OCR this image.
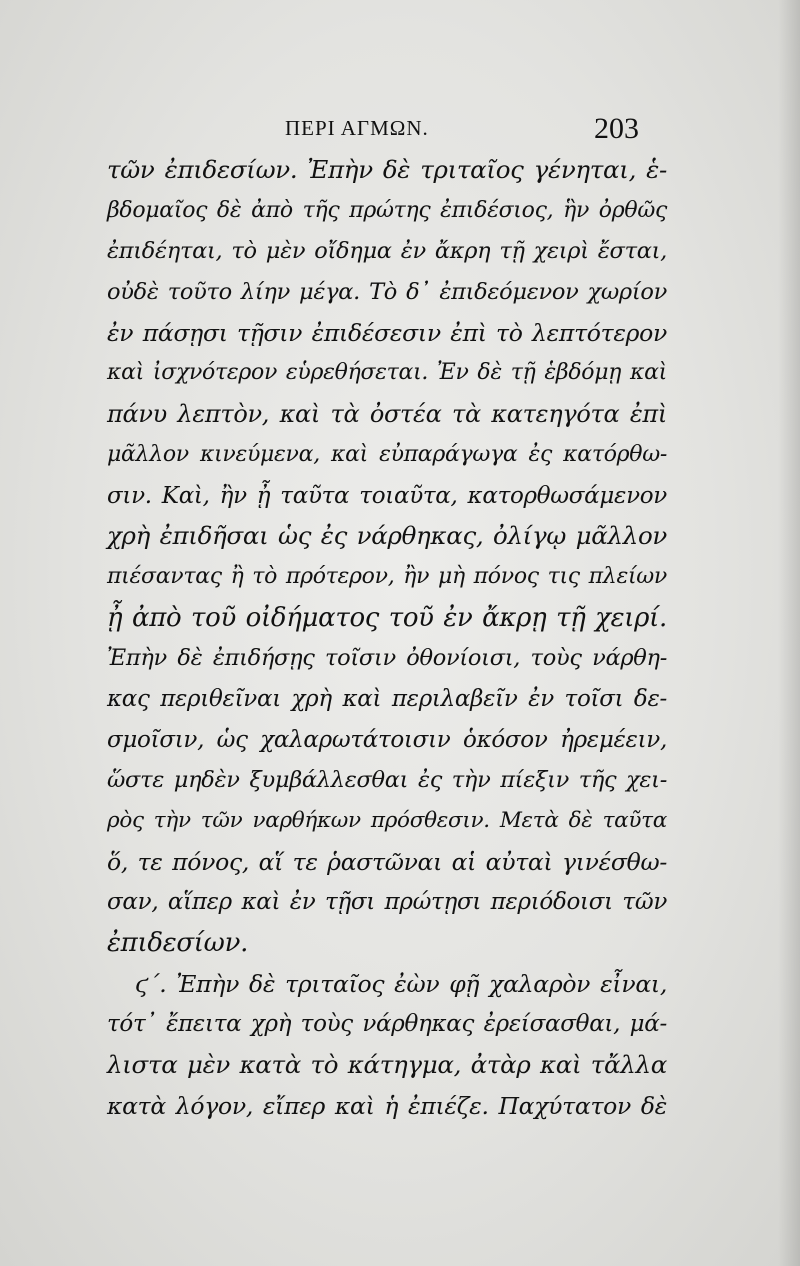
ΠΕΡΙ ΑΓΜΩΝ.	203
τῶν ἐπιδεσίων. Ἐπὴν δὲ τριταῖος γένηται, ἑ-
βδομαῖος δὲ ἀπὸ τῆς πρώτης ἐπιδέσιος, ἣν ὀρθῶς
ἐπιδέηται, τὸ μὲν οἴδημα ἐν ἄκρη τῇ χειρὶ ἔσται,
οὐδὲ τοῦτο λίην μέγα. Τὸ δ᾽ ἐπιδεόμενον χωρίον
ἐν πάσῃσι τῇσιν ἐπιδέσεσιν ἐπὶ τὸ λεπτότερον
καὶ ἰσχνότερον εὑρεθήσεται. Ἐν δὲ τῇ ἑβδόμῃ καὶ
πάνυ λεπτὸν, καὶ τὰ ὀστέα τὰ κατεηγότα ἐπὶ
μᾶλλον κινεύμενα, καὶ εὐπαράγωγα ἐς κατόρθω-
σιν. Καὶ, ἢν ᾖ ταῦτα τοιαῦτα, κατορθωσάμενον
χρὴ ἐπιδῆσαι ὡς ἐς νάρθηκας, ὀλίγῳ μᾶλλον
πιέσαντας ἢ τὸ πρότερον, ἢν μὴ πόνος τις πλείων
ᾖ ἀπὸ τοῦ οἰδήματος τοῦ ἐν ἄκρῃ τῇ χειρί.
Ἐπὴν δὲ ἐπιδήσῃς τοῖσιν ὀθονίοισι, τοὺς νάρθη-
κας περιθεῖναι χρὴ καὶ περιλαβεῖν ἐν τοῖσι δε-
σμοῖσιν, ὡς χαλαρωτάτοισιν ὁκόσον ἠρεμέειν,
ὥστε μηδὲν ξυμβάλλεσθαι ἐς τὴν πίεξιν τῆς χει-
ρὸς τὴν τῶν ναρθήκων πρόσθεσιν. Μετὰ δὲ ταῦτα
ὅ, τε πόνος, αἵ τε ῥαστῶναι αἱ αὐταὶ γινέσθω-
σαν, αἵπερ καὶ ἐν τῇσι πρώτῃσι περιόδοισι τῶν
ἐπιδεσίων.
ϛ΄. Ἐπὴν δὲ τριταῖος ἐὼν φῇ χαλαρὸν εἶναι,
τότ᾽ ἔπειτα χρὴ τοὺς νάρθηκας ἐρείσασθαι, μά-
λιστα μὲν κατὰ τὸ κάτηγμα, ἀτὰρ καὶ τἄλλα
κατὰ λόγον, εἴπερ καὶ ἡ ἐπιέζε. Παχύτατον δὲ
